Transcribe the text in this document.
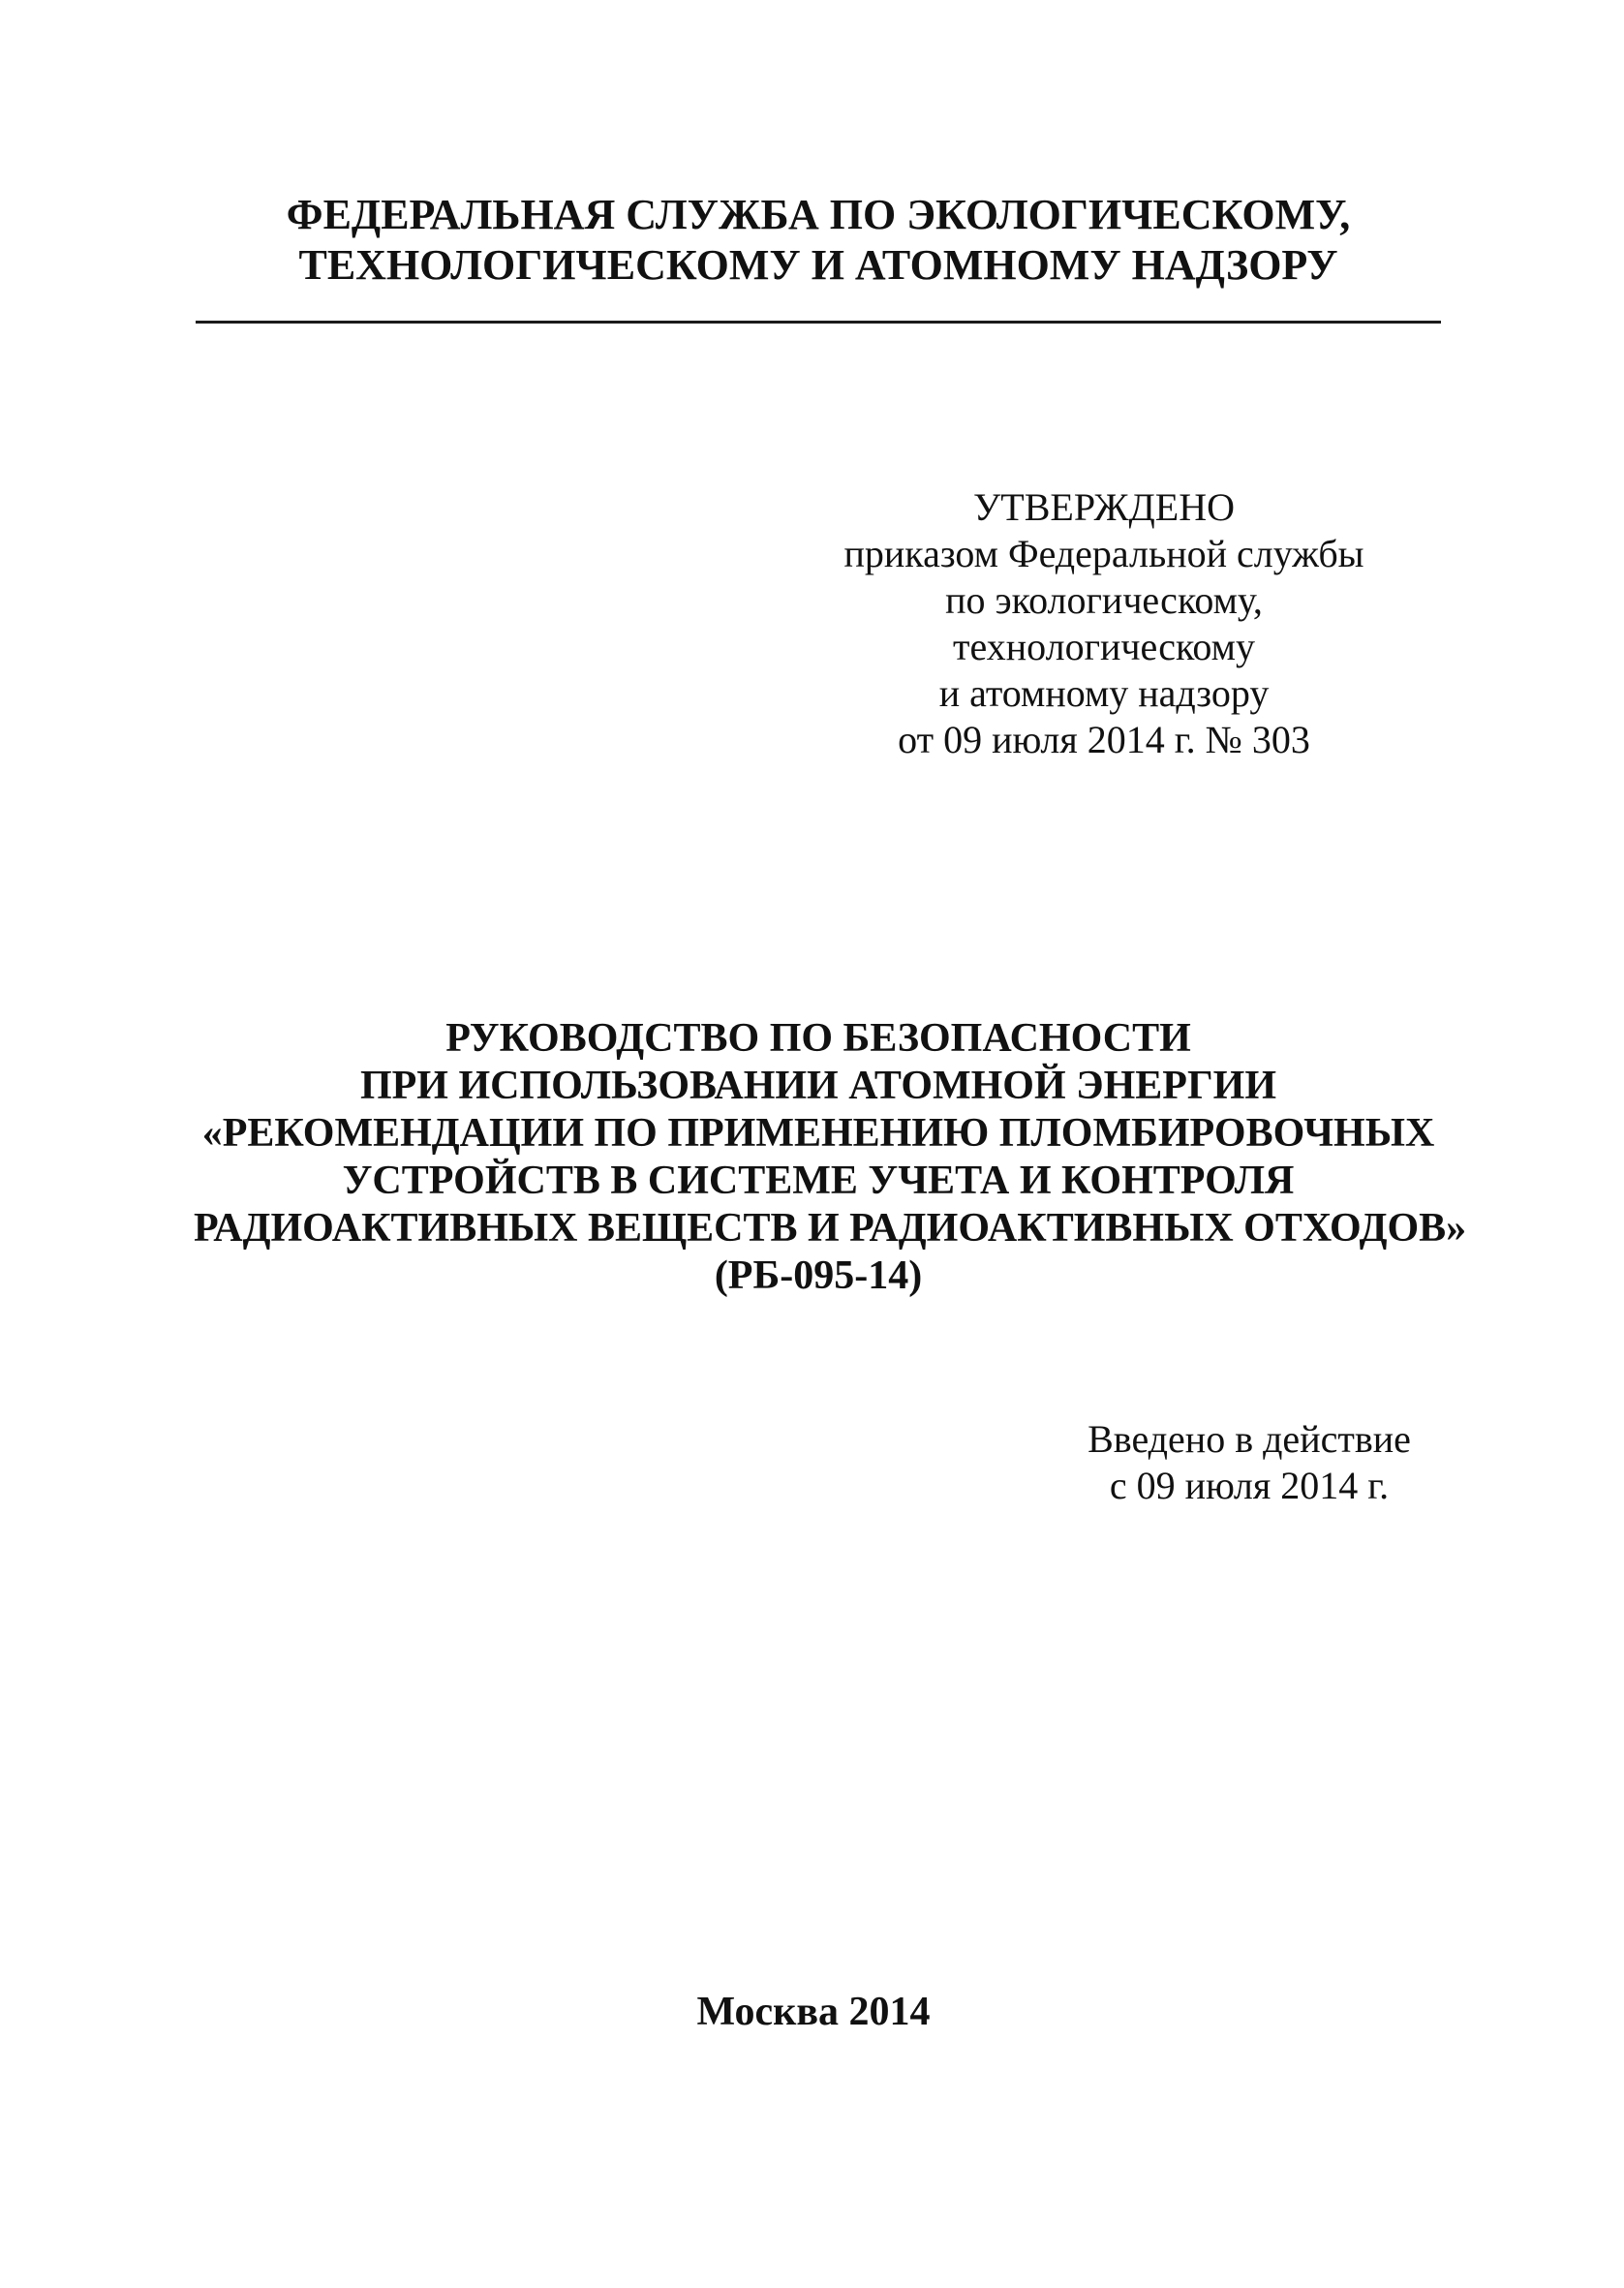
ФЕДЕРАЛЬНАЯ СЛУЖБА ПО ЭКОЛОГИЧЕСКОМУ,
ТЕХНОЛОГИЧЕСКОМУ И АТОМНОМУ НАДЗОРУ
УТВЕРЖДЕНО
приказом Федеральной службы
по экологическому,
технологическому
и атомному надзору
от 09 июля 2014 г. № 303
РУКОВОДСТВО ПО БЕЗОПАСНОСТИ
ПРИ ИСПОЛЬЗОВАНИИ АТОМНОЙ ЭНЕРГИИ
«РЕКОМЕНДАЦИИ ПО ПРИМЕНЕНИЮ ПЛОМБИРОВОЧНЫХ
УСТРОЙСТВ В СИСТЕМЕ УЧЕТА И КОНТРОЛЯ
РАДИОАКТИВНЫХ ВЕЩЕСТВ И РАДИОАКТИВНЫХ ОТХОДОВ»
(РБ-095-14)
Введено в действие
с 09 июля 2014 г.
Москва 2014
